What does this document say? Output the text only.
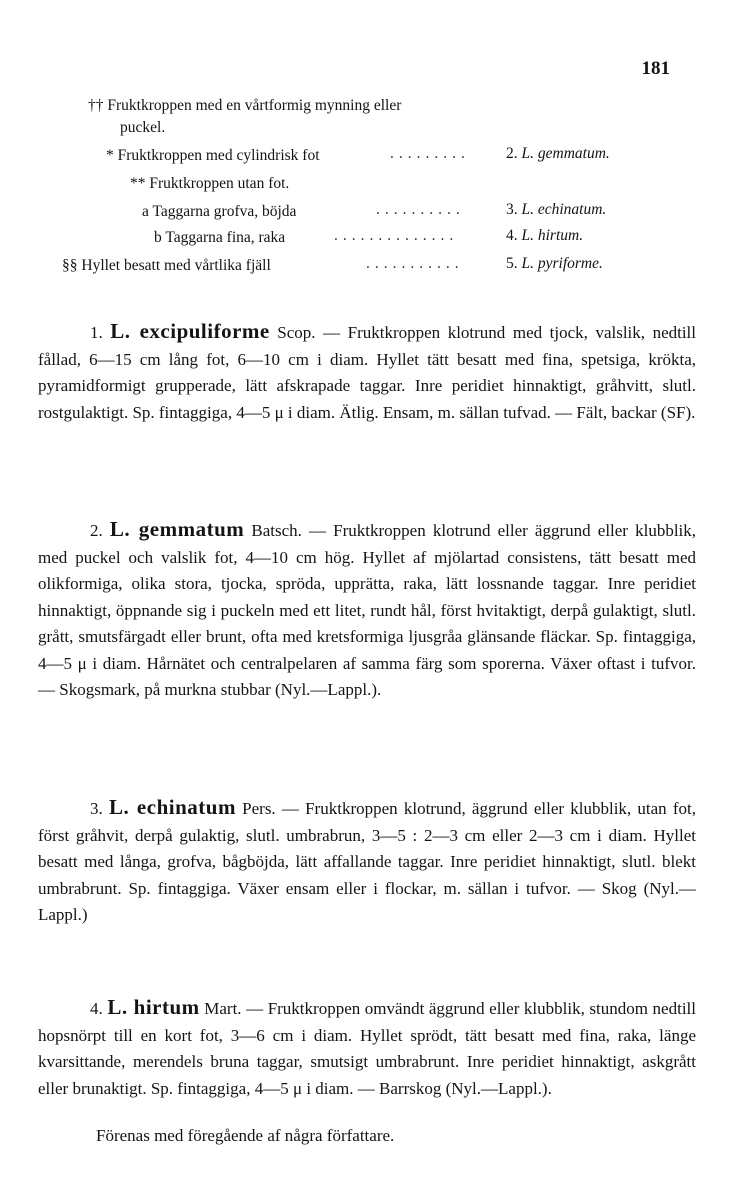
181
†† Fruktkroppen med en vårtformig mynning eller
puckel.
* Fruktkroppen med cylindrisk fot	.........	2. L. gemmatum.
** Fruktkroppen utan fot.
a Taggarna grofva, böjda	..........	3. L. echinatum.
b Taggarna fina, raka	..............	4. L. hirtum.
§§ Hyllet besatt med vårtlika fjäll	...........	5. L. pyriforme.
1. L. excipuliforme Scop. — Fruktkroppen klotrund med tjock, valslik, nedtill fållad, 6—15 cm lång fot, 6—10 cm i diam. Hyllet tätt besatt med fina, spetsiga, krökta, pyramidformigt grupperade, lätt afskrapade taggar. Inre peridiet hinnaktigt, gråhvitt, slutl. rostgulaktigt. Sp. fintaggiga, 4—5 μ i diam. Ätlig. Ensam, m. sällan tufvad. — Fält, backar (SF).
2. L. gemmatum Batsch. — Fruktkroppen klotrund eller äggrund eller klubblik, med puckel och valslik fot, 4—10 cm hög. Hyllet af mjölartad consistens, tätt besatt med olikformiga, olika stora, tjocka, spröda, upprätta, raka, lätt lossnande taggar. Inre peridiet hinnaktigt, öppnande sig i puckeln med ett litet, rundt hål, först hvitaktigt, derpå gulaktigt, slutl. grått, smutsfärgadt eller brunt, ofta med kretsformiga ljusgråa glänsande fläckar. Sp. fintaggiga, 4—5 μ i diam. Hårnätet och centralpelaren af samma färg som sporerna. Växer oftast i tufvor. — Skogsmark, på murkna stubbar (Nyl.—Lappl.).
3. L. echinatum Pers. — Fruktkroppen klotrund, äggrund eller klubblik, utan fot, först gråhvit, derpå gulaktig, slutl. umbrabrun, 3—5 : 2—3 cm eller 2—3 cm i diam. Hyllet besatt med långa, grofva, bågböjda, lätt affallande taggar. Inre peridiet hinnaktigt, slutl. blekt umbrabrunt. Sp. fintaggiga. Växer ensam eller i flockar, m. sällan i tufvor. — Skog (Nyl.—Lappl.)
4. L. hirtum Mart. — Fruktkroppen omvändt äggrund eller klubblik, stundom nedtill hopsnörpt till en kort fot, 3—6 cm i diam. Hyllet sprödt, tätt besatt med fina, raka, länge kvarsittande, merendels bruna taggar, smutsigt umbrabrunt. Inre peridiet hinnaktigt, askgrått eller brunaktigt. Sp. fintaggiga, 4—5 μ i diam. — Barrskog (Nyl.—Lappl.).
Förenas med föregående af några författare.
